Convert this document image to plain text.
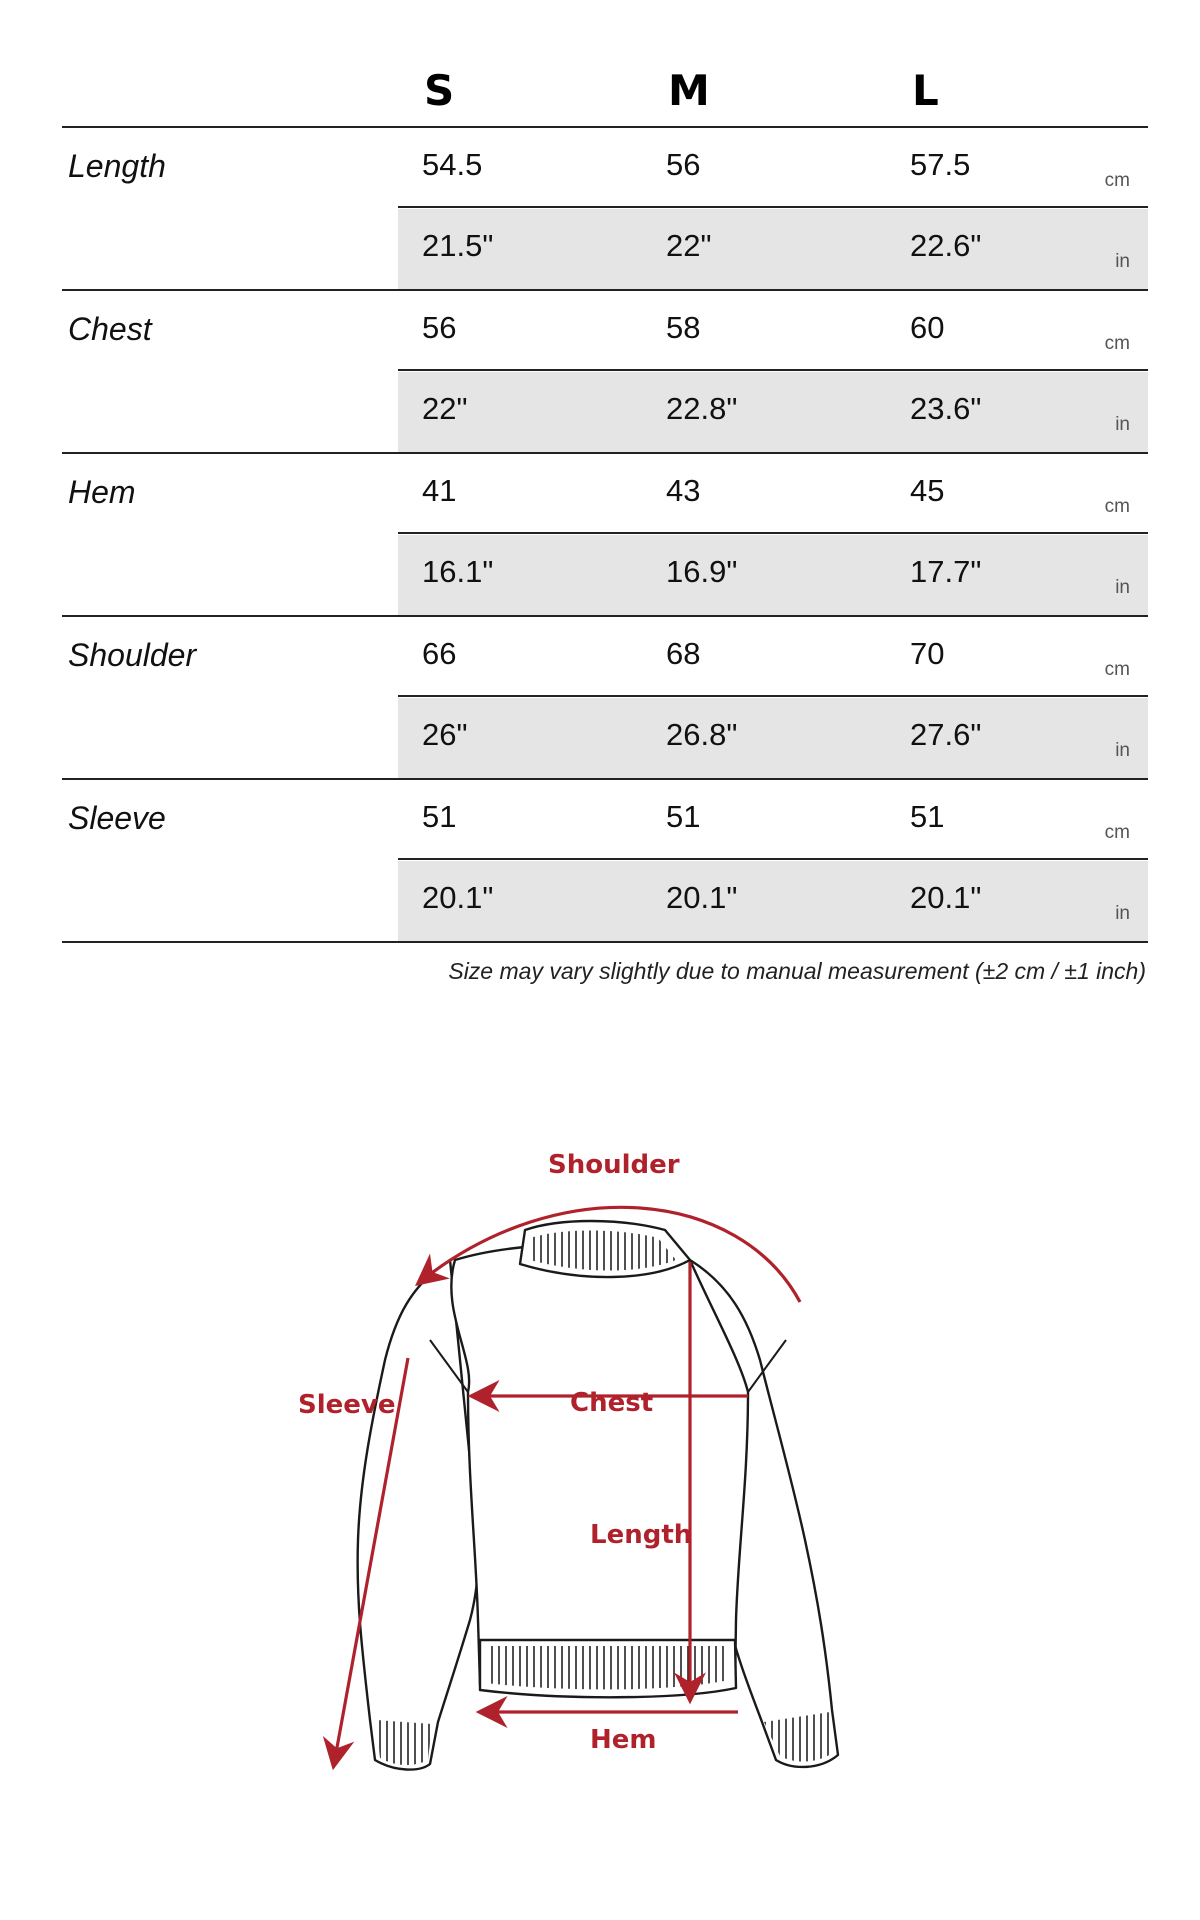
S	M	L
Length	54.5	56	57.5	cm
21.5"	22"	22.6"	in
Chest	56	58	60	cm
22"	22.8"	23.6"	in
Hem	41	43	45	cm
16.1"	16.9"	17.7"	in
Shoulder	66	68	70	cm
26"	26.8"	27.6"	in
Sleeve	51	51	51	cm
20.1"	20.1"	20.1"	in
Size may vary slightly due to manual measurement (±2 cm / ±1 inch)
Shoulder
Sleeve	Chest
Length
Hem
